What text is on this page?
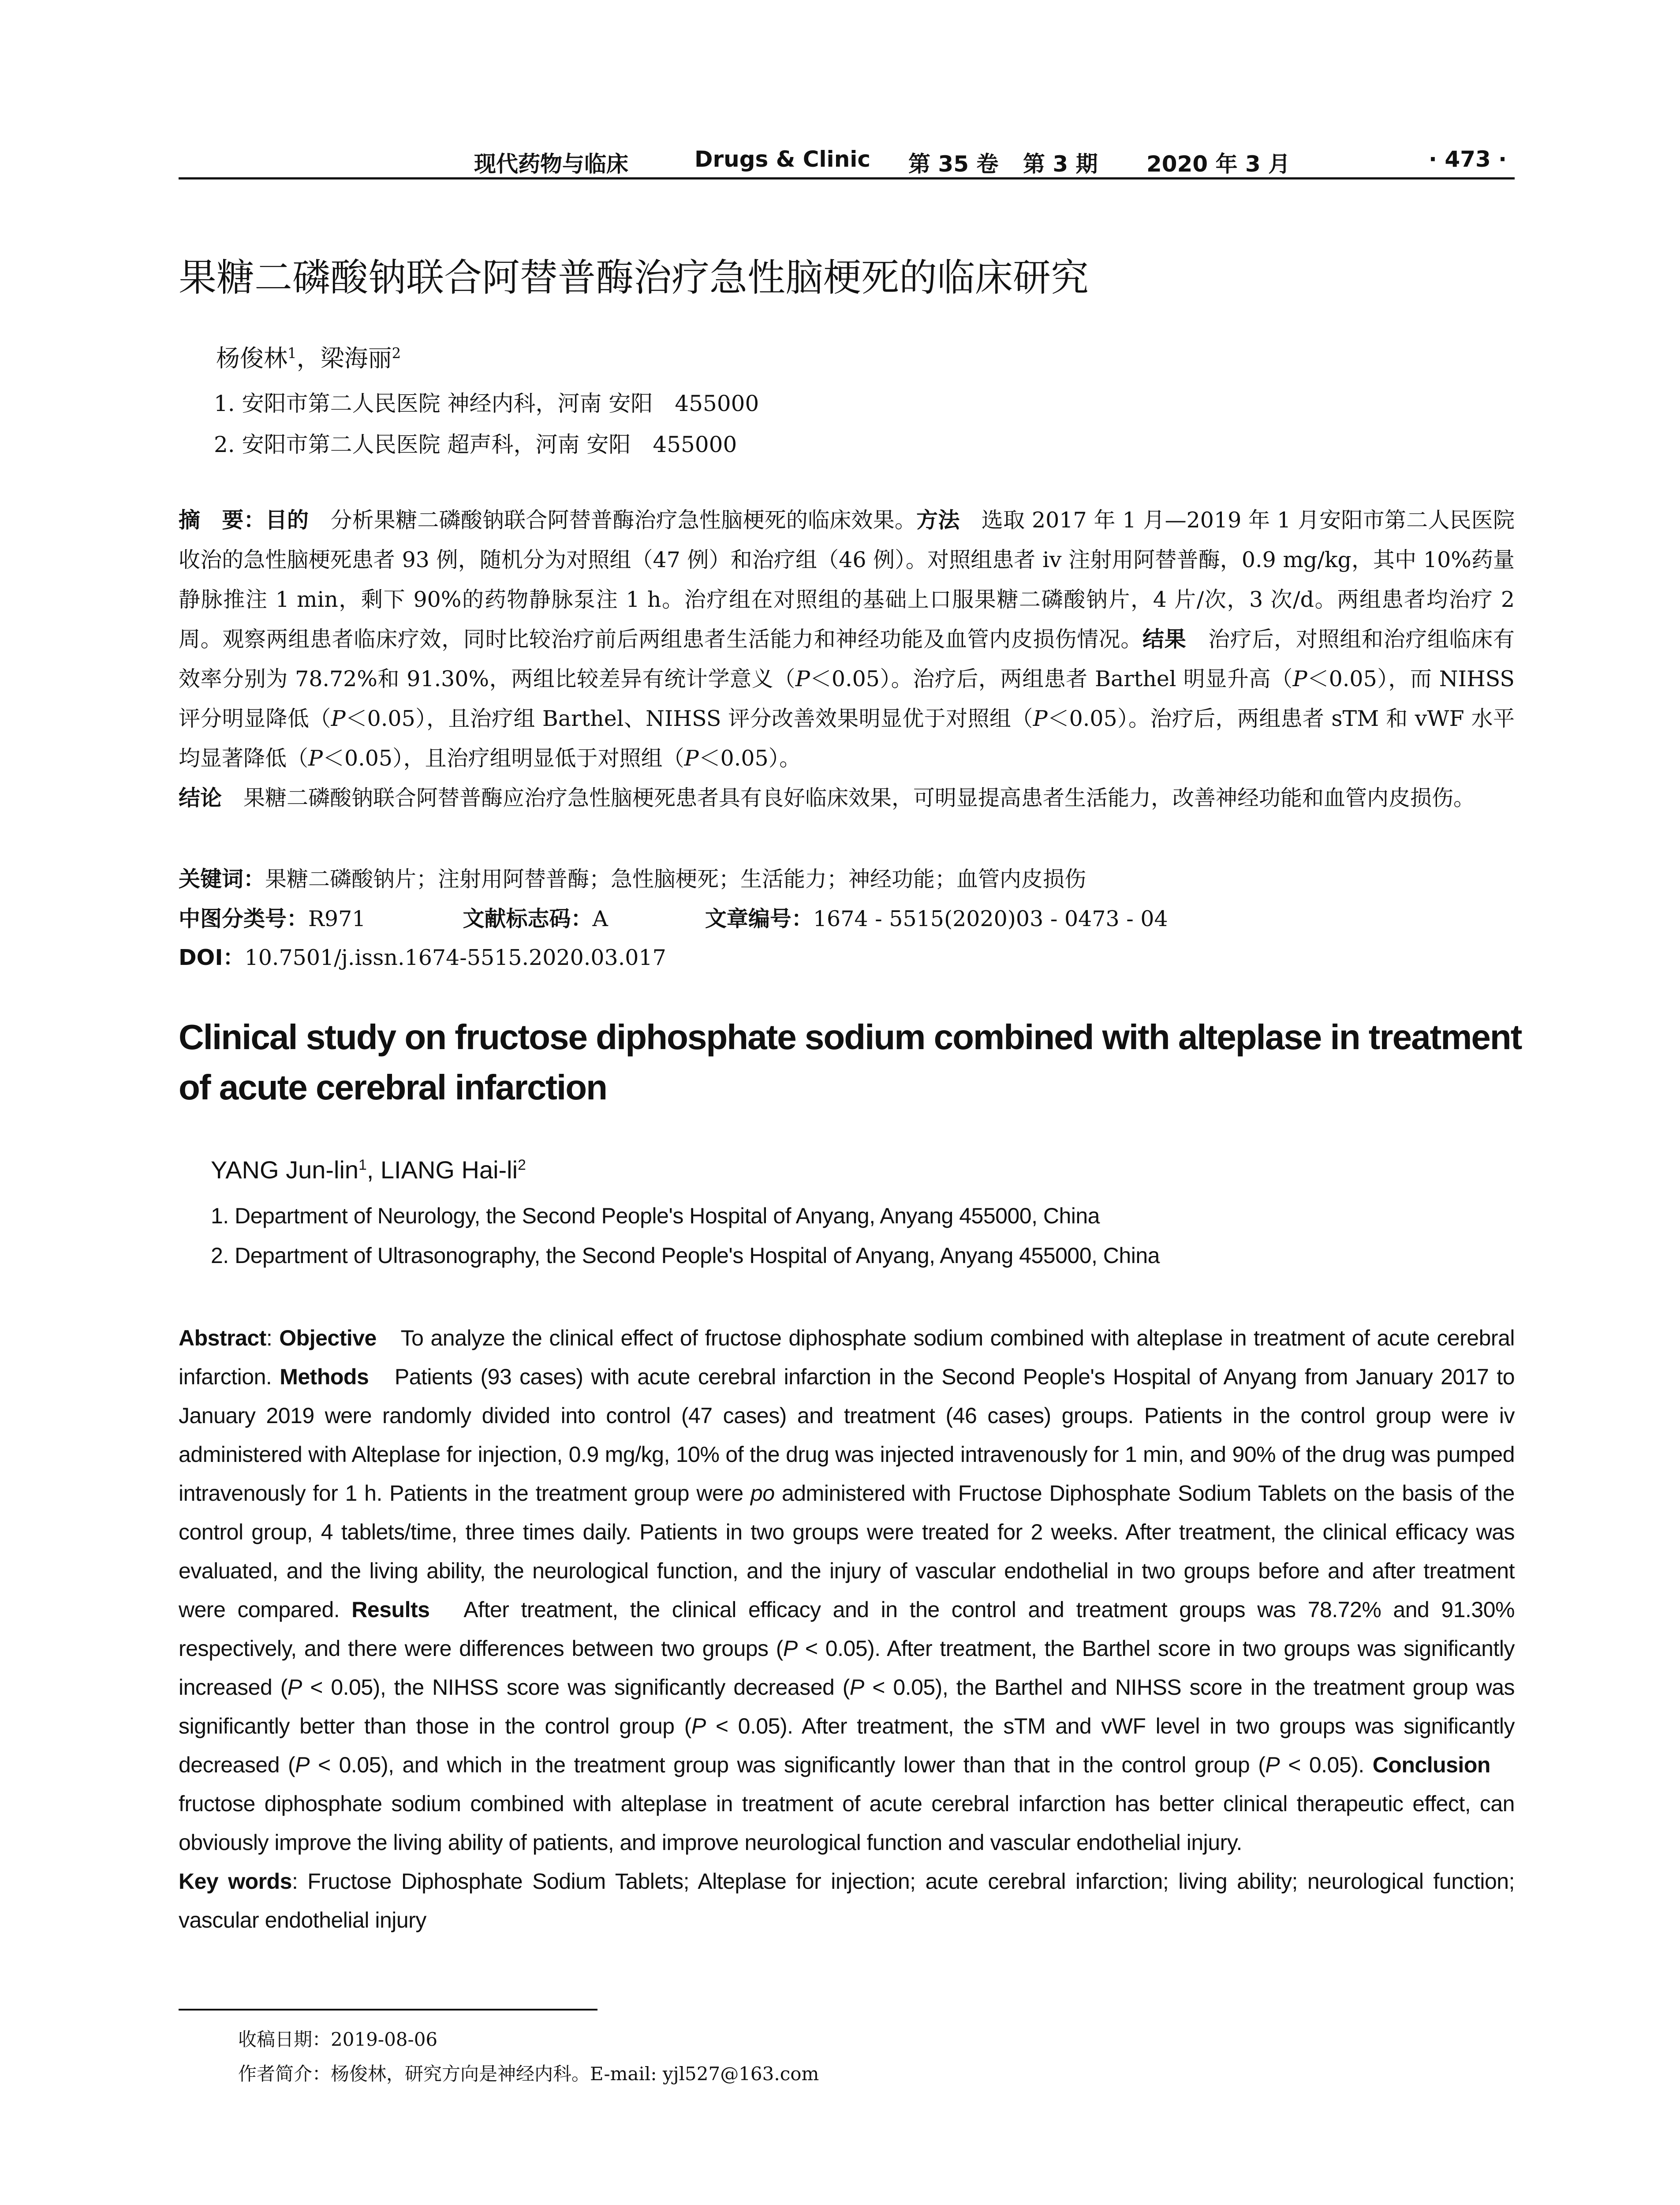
现代药物与临床	Drugs & Clinic 第 35 卷 第 3 期 2020 年 3 月	· 473 ·
果糖二磷酸钠联合阿替普酶治疗急性脑梗死的临床研究
杨俊林$^1$，梁海丽$^2$
1. 安阳市第二人民医院 神经内科，河南 安阳　455000
2. 安阳市第二人民医院 超声科，河南 安阳　455000
摘　要：目的　分析果糖二磷酸钠联合阿替普酶治疗急性脑梗死的临床效果。方法　选取 2017 年 1 月—2019 年 1 月安阳市第二人民医院收治的急性脑梗死患者 93 例，随机分为对照组（47 例）和治疗组（46 例）。对照组患者 iv 注射用阿替普酶，0.9 mg/kg，其中 10%药量静脉推注 1 min，剩下 90%的药物静脉泵注 1 h。治疗组在对照组的基础上口服果糖二磷酸钠片，4 片/次，3 次/d。两组患者均治疗 2 周。观察两组患者临床疗效，同时比较治疗前后两组患者生活能力和神经功能及血管内皮损伤情况。结果　治疗后，对照组和治疗组临床有效率分别为 78.72%和 91.30%，两组比较差异有统计学意义（P＜0.05）。治疗后，两组患者 Barthel 明显升高（P＜0.05），而 NIHSS 评分明显降低（P＜0.05），且治疗组 Barthel、NIHSS 评分改善效果明显优于对照组（P＜0.05）。治疗后，两组患者 sTM 和 vWF 水平均显著降低（P＜0.05），且治疗组明显低于对照组（P＜0.05）。
结论　果糖二磷酸钠联合阿替普酶应治疗急性脑梗死患者具有良好临床效果，可明显提高患者生活能力，改善神经功能和血管内皮损伤。
关键词：果糖二磷酸钠片；注射用阿替普酶；急性脑梗死；生活能力；神经功能；血管内皮损伤
中图分类号：R971	文献标志码：A	文章编号：1674 - 5515(2020)03 - 0473 - 04
DOI：10.7501/j.issn.1674-5515.2020.03.017
Clinical study on fructose diphosphate sodium combined with alteplase in treatment of acute cerebral infarction
YANG Jun-lin$^1$, LIANG Hai-$li^2$
1. Department of Neurology, the Second People's Hospital of Anyang, Anyang 455000, China
2. Department of Ultrasonography, the Second People's Hospital of Anyang, Anyang 455000, China
Abstract: Objective　To analyze the clinical effect of fructose diphosphate sodium combined with alteplase in treatment of acute cerebral infarction. Methods　Patients (93 cases) with acute cerebral infarction in the Second People's Hospital of Anyang from January 2017 to January 2019 were randomly divided into control (47 cases) and treatment (46 cases) groups. Patients in the control group were iv administered with Alteplase for injection, 0.9 mg/kg, 10% of the drug was injected intravenously for 1 min, and 90% of the drug was pumped intravenously for 1 h. Patients in the treatment group were po administered with Fructose Diphosphate Sodium Tablets on the basis of the control group, 4 tablets/time, three times daily. Patients in two groups were treated for 2 weeks. After treatment, the clinical efficacy was evaluated, and the living ability, the neurological function, and the injury of vascular endothelial in two groups before and after treatment were compared. Results　After treatment, the clinical efficacy and in the control and treatment groups was 78.72% and 91.30% respectively, and there were differences between two groups (P < 0.05). After treatment, the Barthel score in two groups was significantly increased (P < 0.05), the NIHSS score was significantly decreased (P < 0.05), the Barthel and NIHSS score in the treatment group was significantly better than those in the control group (P < 0.05). After treatment, the sTM and vWF level in two groups was significantly decreased (P < 0.05), and which in the treatment group was significantly lower than that in the control group (P < 0.05). Conclusion　fructose diphosphate sodium combined with alteplase in treatment of acute cerebral infarction has better clinical therapeutic effect, can obviously improve the living ability of patients, and improve neurological function and vascular endothelial injury.
Key words: Fructose Diphosphate Sodium Tablets; Alteplase for injection; acute cerebral infarction; living ability; neurological function; vascular endothelial injury
收稿日期：2019-08-06
作者简介：杨俊林，研究方向是神经内科。E-mail: yjl527@163.com
